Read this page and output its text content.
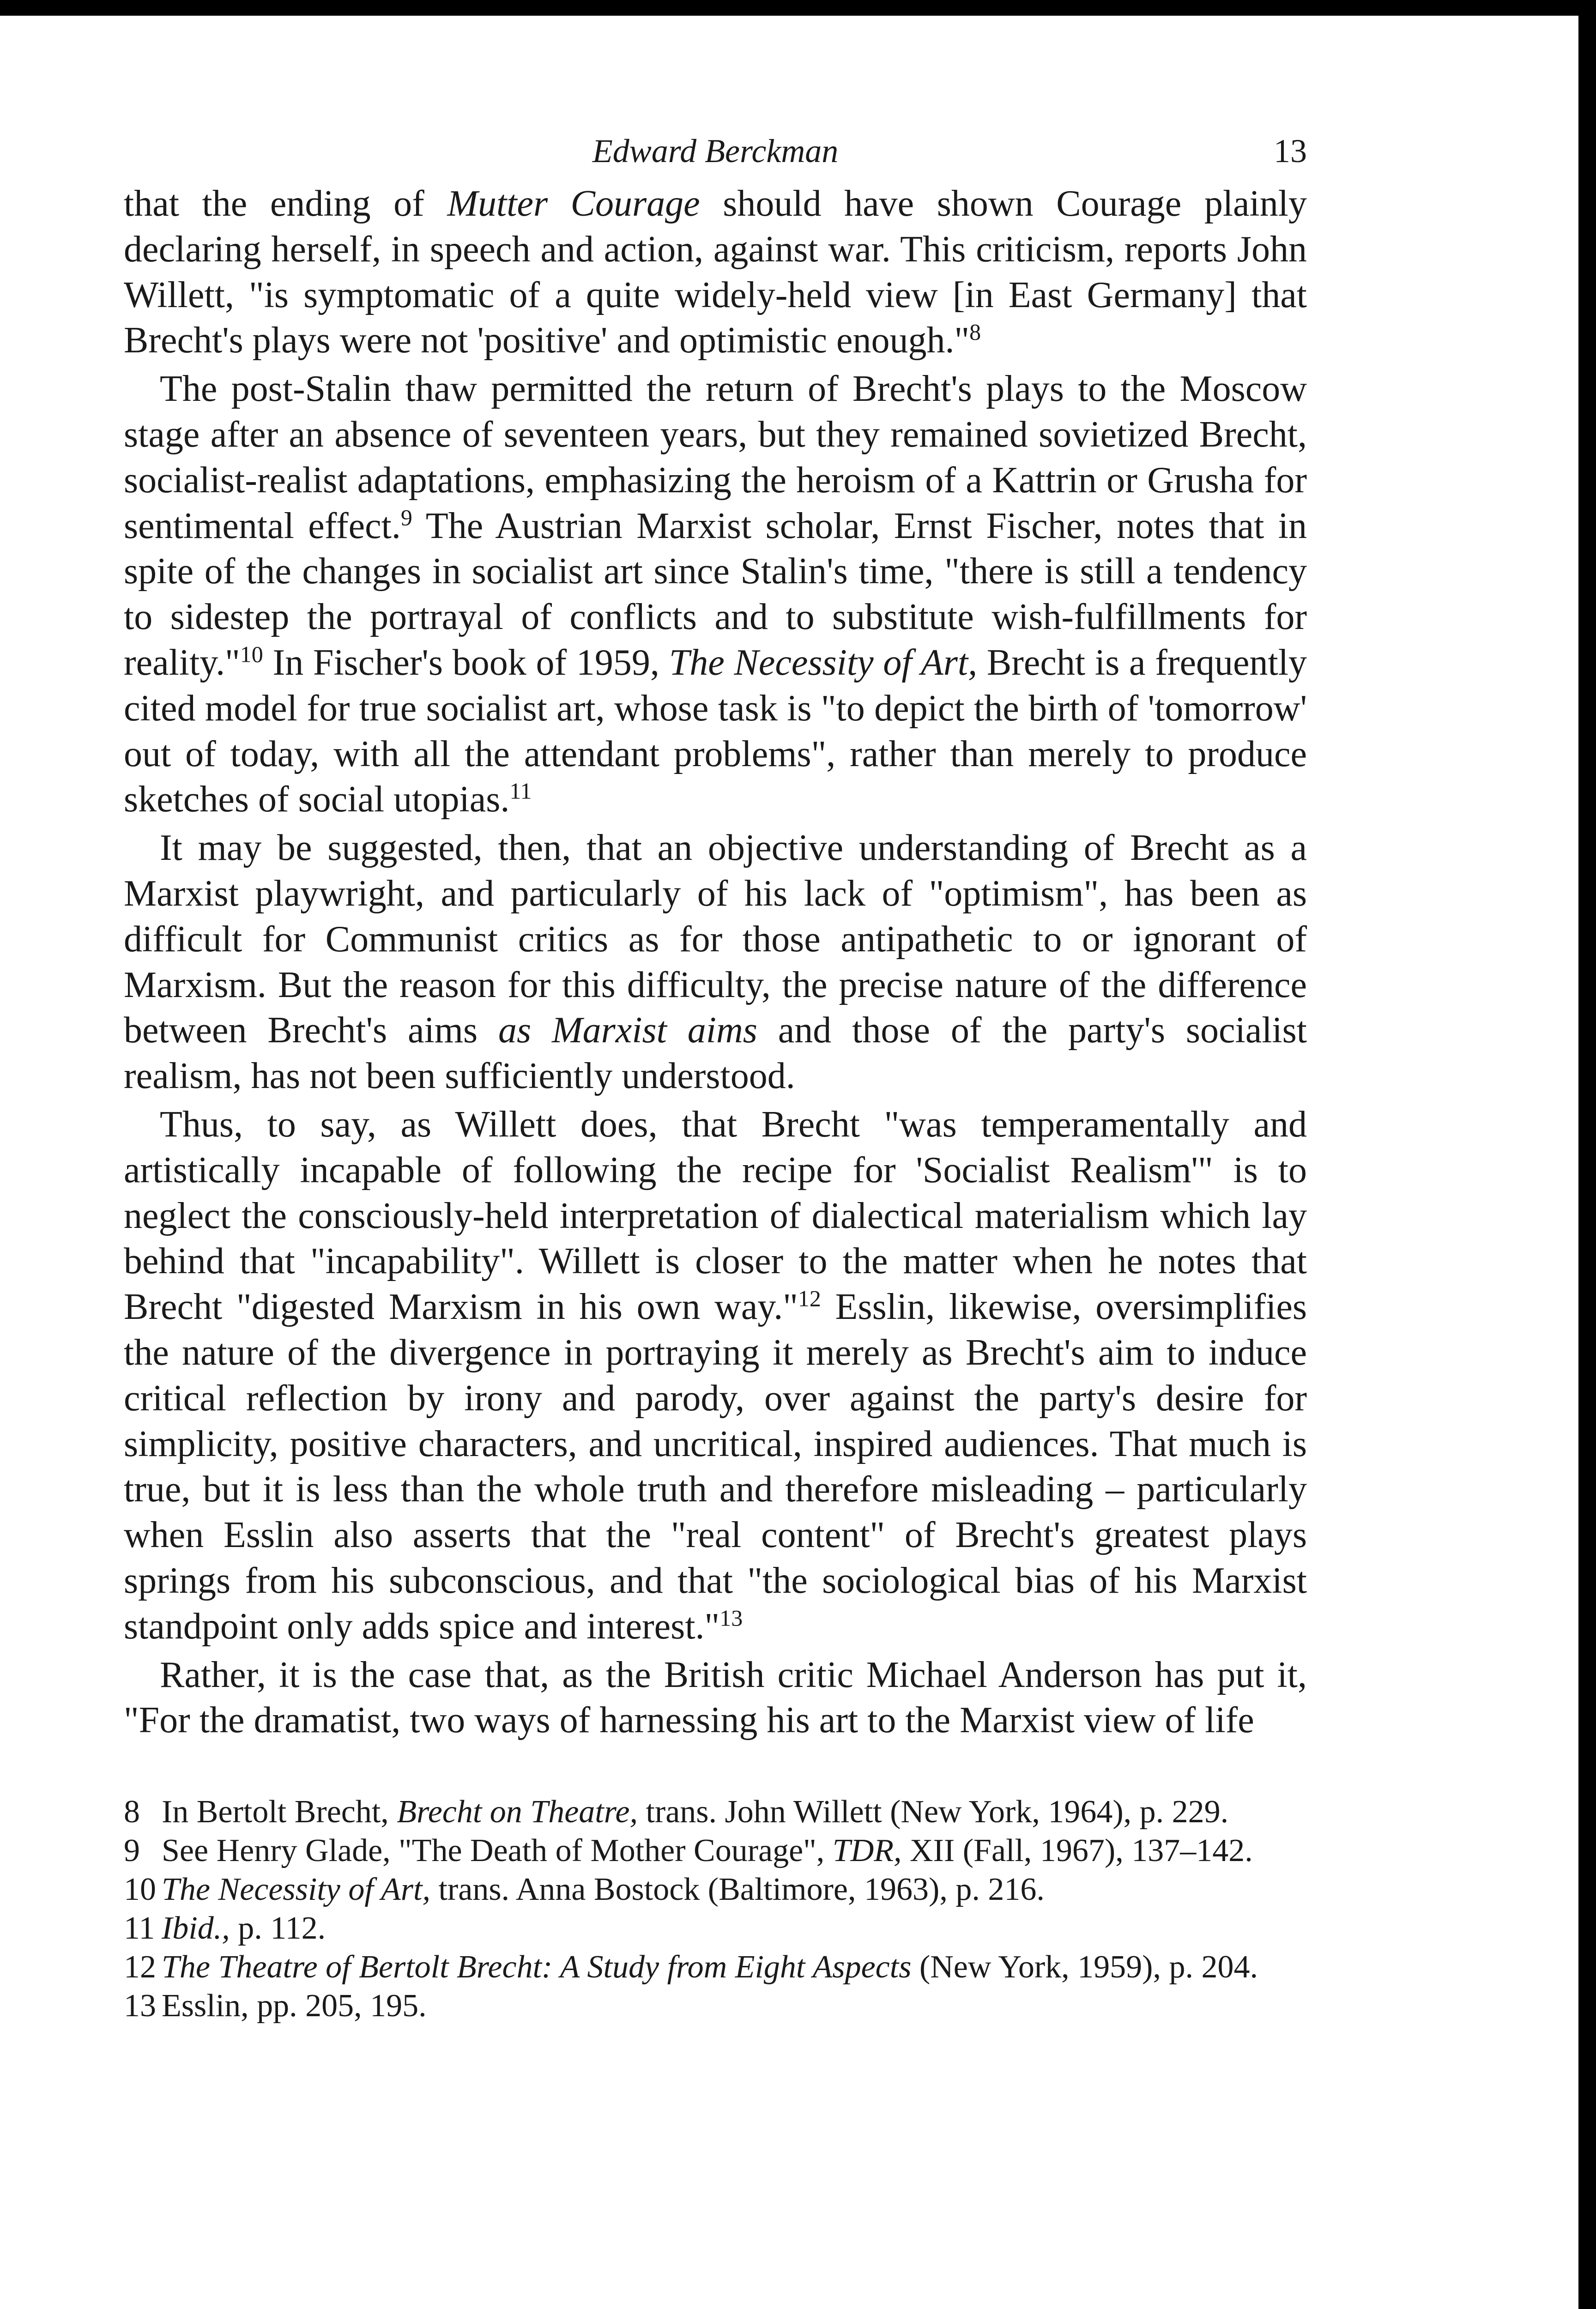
Edward Berckman	13

that the ending of Mutter Courage should have shown Courage plainly declaring herself, in speech and action, against war. This criticism, reports John Willett, "is symptomatic of a quite widely-held view [in East Germany] that Brecht's plays were not 'positive' and optimistic enough."$^8$

The post-Stalin thaw permitted the return of Brecht's plays to the Moscow stage after an absence of seventeen years, but they remained sovietized Brecht, socialist-realist adaptations, emphasizing the heroism of a Kattrin or Grusha for sentimental effect.$^9$ The Austrian Marxist scholar, Ernst Fischer, notes that in spite of the changes in socialist art since Stalin's time, "there is still a tendency to sidestep the portrayal of conflicts and to substitute wish-fulfillments for reality."$^{10}$ In Fischer's book of 1959, The Necessity of Art, Brecht is a frequently cited model for true socialist art, whose task is "to depict the birth of 'tomorrow' out of today, with all the attendant problems", rather than merely to produce sketches of social utopias.$^{11}$

It may be suggested, then, that an objective understanding of Brecht as a Marxist playwright, and particularly of his lack of "optimism", has been as difficult for Communist critics as for those antipathetic to or ignorant of Marxism. But the reason for this difficulty, the precise nature of the difference between Brecht's aims as Marxist aims and those of the party's socialist realism, has not been sufficiently understood.

Thus, to say, as Willett does, that Brecht "was temperamentally and artistically incapable of following the recipe for 'Socialist Realism'" is to neglect the consciously-held interpretation of dialectical materialism which lay behind that "incapability". Willett is closer to the matter when he notes that Brecht "digested Marxism in his own way."$^{12}$ Esslin, likewise, oversimplifies the nature of the divergence in portraying it merely as Brecht's aim to induce critical reflection by irony and parody, over against the party's desire for simplicity, positive characters, and uncritical, inspired audiences. That much is true, but it is less than the whole truth and therefore misleading – particularly when Esslin also asserts that the "real content" of Brecht's greatest plays springs from his subconscious, and that "the sociological bias of his Marxist standpoint only adds spice and interest."$^{13}$

Rather, it is the case that, as the British critic Michael Anderson has put it, "For the dramatist, two ways of harnessing his art to the Marxist view of life

8 In Bertolt Brecht, Brecht on Theatre, trans. John Willett (New York, 1964), p. 229.
9 See Henry Glade, "The Death of Mother Courage", TDR, XII (Fall, 1967), 137–142.
10 The Necessity of Art, trans. Anna Bostock (Baltimore, 1963), p. 216.
11 Ibid., p. 112.
12 The Theatre of Bertolt Brecht: A Study from Eight Aspects (New York, 1959), p. 204.
13 Esslin, pp. 205, 195.
